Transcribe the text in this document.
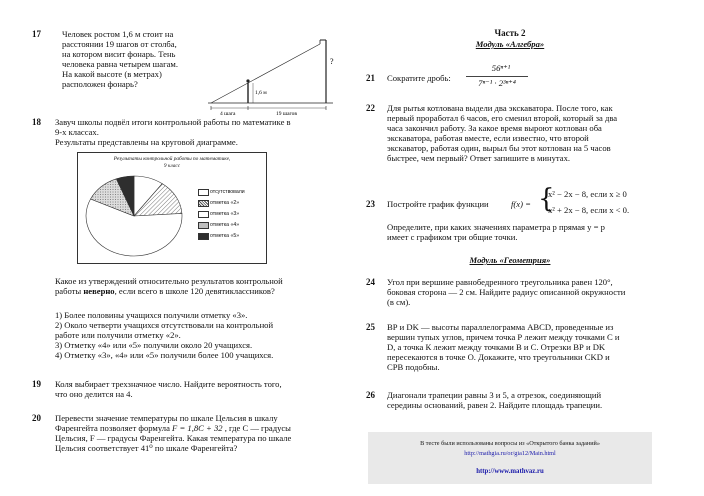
17 Человек ростом 1,6 м стоит на
расстоянии 19 шагов от столба,
на котором висит фонарь. Тень
человека равна четырем шагам.
На какой высоте (в метрах)
расположен фонарь?
?
1,6 м
4 шага	19 шагов
18 Завуч школы подвёл итоги контрольной работы по математике в
9-х классах.
Результаты представлены на круговой диаграмме.
Результаты контрольной работы по математике,
9 класс
отсутствовали
отметка «2»
отметка «3»
отметка «4»
отметка «5»
Какое из утверждений относительно результатов контрольной
работы неверно, если всего в школе 120 девятиклассников?
1) Более половины учащихся получили отметку «3».
2) Около четверти учащихся отсутствовали на контрольной
работе или получили отметку «2».
3) Отметку «4» или «5» получили около 20 учащихся.
4) Отметку «3», «4» или «5» получили более 100 учащихся.
19 Коля выбирает трехзначное число. Найдите вероятность того,
что оно делится на 4.
20 Перевести значение температуры по шкале Цельсия в шкалу
Фаренгейта позволяет формула F = 1,8C + 32 , где C — градусы
Цельсия, F — градусы Фаренгейта. Какая температура по шкале
Цельсия соответствует 41⁰ по шкале Фаренгейта?
Часть 2
Модуль «Алгебра»
21 Сократите дробь:
56ⁿ⁺¹
7ⁿ⁻¹ · 2³ⁿ⁺⁴
22 Для рытья котлована выдели два экскаватора. После того, как
первый проработал 6 часов, его сменил второй, который за два
часа закончил работу. За какое время выроют котлован оба
экскаватора, работая вместе, если известно, что второй
экскаватор, работая один, вырыл бы этот котлован на 5 часов
быстрее, чем первый? Ответ запишите в минутах.
23 Постройте график функции	f(x) = {
x² − 2x − 8, если x ≥ 0
x² + 2x − 8, если x < 0.
Определите, при каких значениях параметра p прямая y = p
имеет с графиком три общие точки.
Модуль «Геометрия»
24 Угол при вершине равнобедренного треугольника равен 120°,
боковая сторона — 2 см. Найдите радиус описанной окружности
(в см).
25 ВР и DK — высоты параллелограмма ABCD, проведенные из
вершин тупых углов, причем точка Р лежит между точками С и
D, а точка К лежит между точками В и С. Отрезки ВР и DK
пересекаются в точке О. Докажите, что треугольники CKD и
CPB подобны.
26 Диагонали трапеции равны 3 и 5, а отрезок, соединяющий
середины оснований, равен 2. Найдите площадь трапеции.
В тесте были использованы вопросы из «Открытого банка заданий»
http://mathgia.ru/or/gia12/Main.html
http://www.mathvaz.ru
